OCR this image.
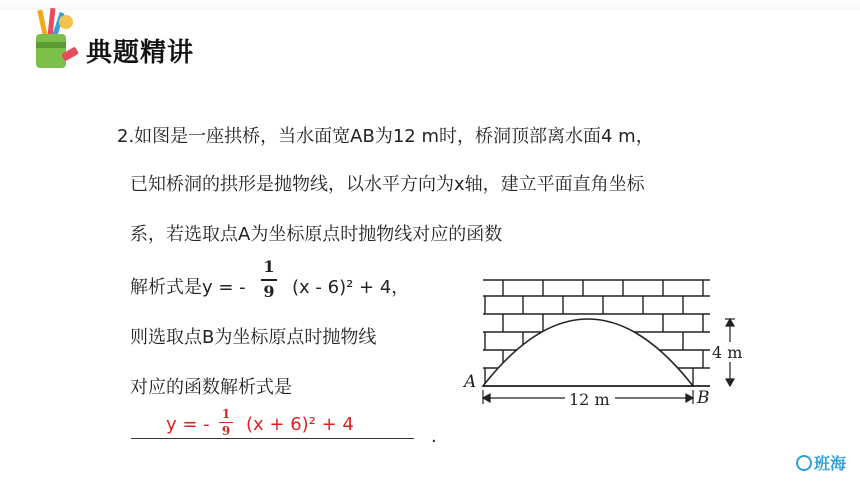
典题精讲
2.如图是一座拱桥，当水面宽AB为12 m时，桥洞顶部离水面4 m，
已知桥洞的拱形是抛物线，以水平方向为x轴，建立平面直角坐标
系，若选取点A为坐标原点时抛物线对应的函数
解析式是y = -
1
9 (x - 6)² + 4，
则选取点B为坐标原点时抛物线
对应的函数解析式是
y = - 1
9 (x + 6)² + 4
.
A
B
12 m
4 m
班海
